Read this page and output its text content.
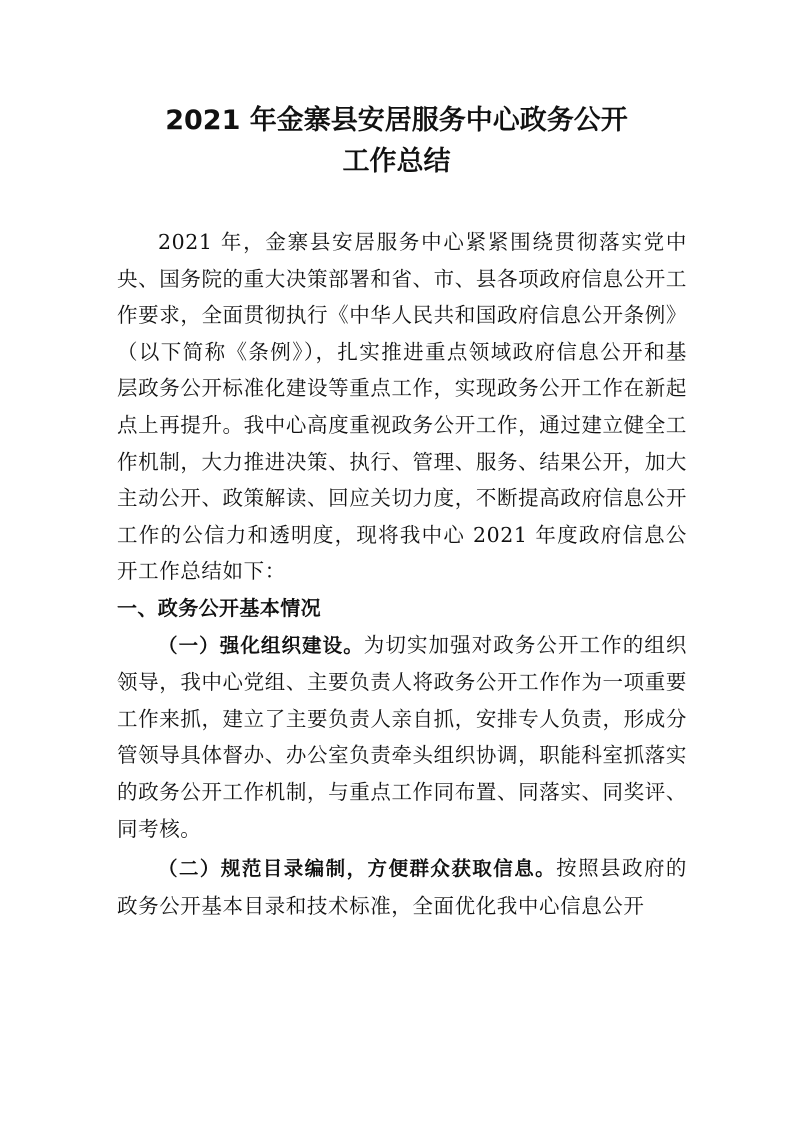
2021 年金寨县安居服务中心政务公开
工作总结

2021 年，金寨县安居服务中心紧紧围绕贯彻落实党中央、国务院的重大决策部署和省、市、县各项政府信息公开工作要求，全面贯彻执行《中华人民共和国政府信息公开条例》（以下简称《条例》），扎实推进重点领域政府信息公开和基层政务公开标准化建设等重点工作，实现政务公开工作在新起点上再提升。我中心高度重视政务公开工作，通过建立健全工作机制，大力推进决策、执行、管理、服务、结果公开，加大主动公开、政策解读、回应关切力度，不断提高政府信息公开工作的公信力和透明度，现将我中心 2021 年度政府信息公开工作总结如下：

一、政务公开基本情况

（一）强化组织建设。为切实加强对政务公开工作的组织领导，我中心党组、主要负责人将政务公开工作作为一项重要工作来抓，建立了主要负责人亲自抓，安排专人负责，形成分管领导具体督办、办公室负责牵头组织协调，职能科室抓落实的政务公开工作机制，与重点工作同布置、同落实、同奖评、同考核。

（二）规范目录编制，方便群众获取信息。按照县政府的政务公开基本目录和技术标准，全面优化我中心信息公开
